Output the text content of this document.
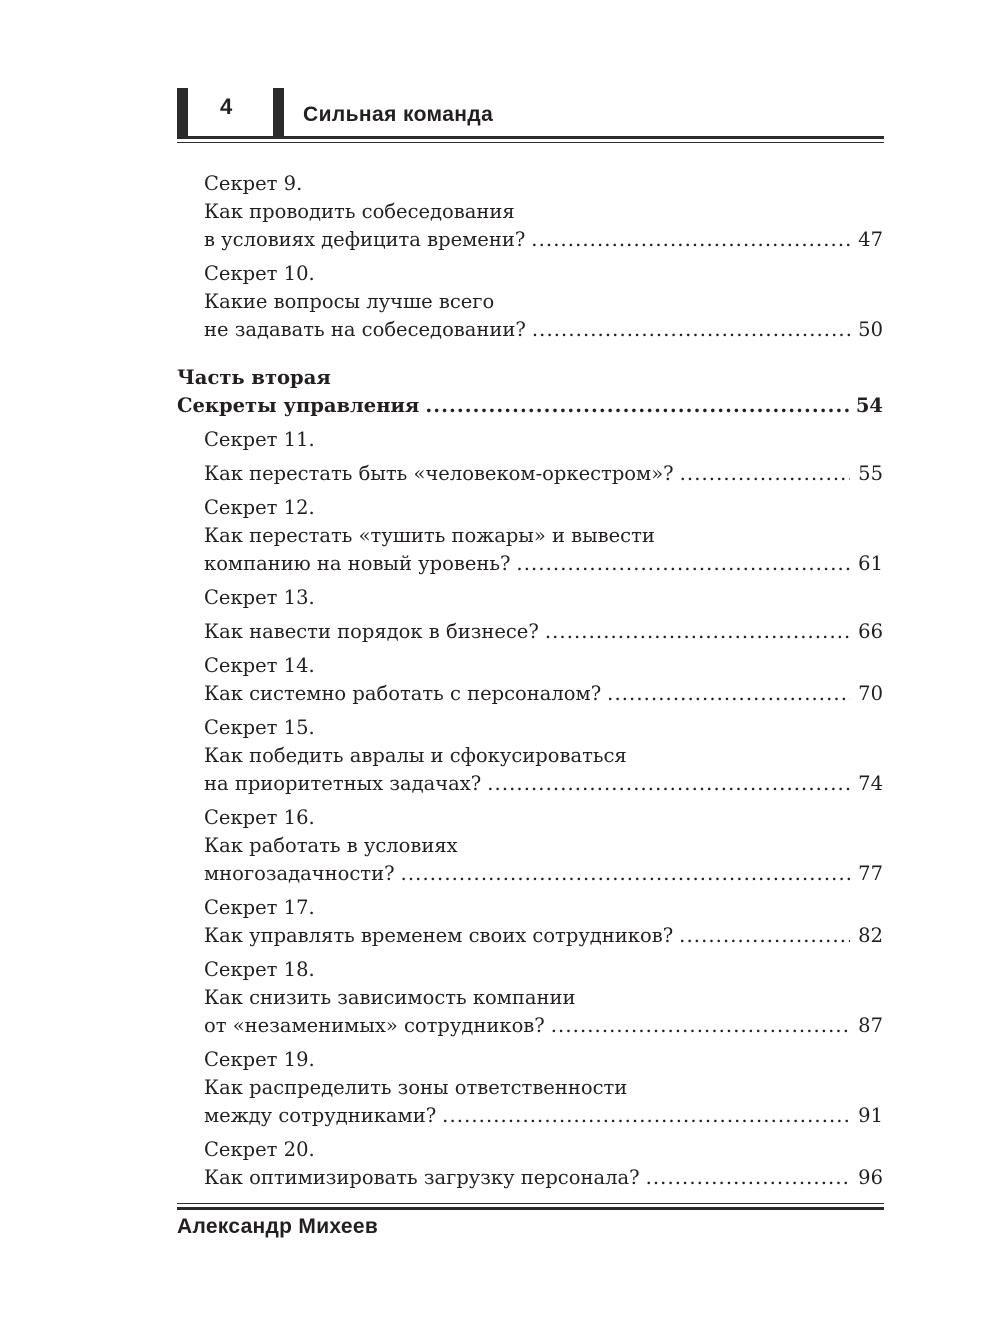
4	Сильная команда
Секрет 9.
Как проводить собеседования
в условиях дефицита времени? .....	47
Секрет 10.
Какие вопросы лучше всего
не задавать на собеседовании? .....	50
Часть вторая
Секреты управления .....	54
Секрет 11.
Как перестать быть «человеком-оркестром»? .....	55
Секрет 12.
Как перестать «тушить пожары» и вывести
компанию на новый уровень? .....	61
Секрет 13.
Как навести порядок в бизнесе? .....	66
Секрет 14.
Как системно работать с персоналом? .....	70
Секрет 15.
Как победить авралы и сфокусироваться
на приоритетных задачах? .....	74
Секрет 16.
Как работать в условиях
многозадачности? .....	77
Секрет 17.
Как управлять временем своих сотрудников? .....	82
Секрет 18.
Как снизить зависимость компании
от «незаменимых» сотрудников? .....	87
Секрет 19.
Как распределить зоны ответственности
между сотрудниками? .....	91
Секрет 20.
Как оптимизировать загрузку персонала? .....	96
Александр Михеев
